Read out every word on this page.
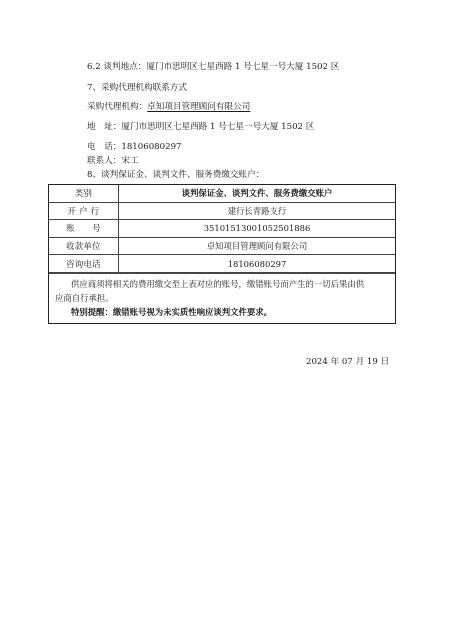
6.2 谈判地点：厦门市思明区七星西路 1 号七星一号大厦 1502 区
7、采购代理机构联系方式
采购代理机构：卓知项目管理顾问有限公司
地　址：厦门市思明区七星西路 1 号七星一号大厦 1502 区
电　话：18106080297
联系人：宋工
8、谈判保证金、谈判文件、服务费缴交账户：
类别	谈判保证金、谈判文件、服务费缴交账户
开 户 行	建行长青路支行
账　　号	35101513001052501886
收款单位	卓知项目管理顾问有限公司
咨询电话	18106080297
供应商须将相关的费用缴交至上表对应的账号，缴错账号而产生的一切后果由供
应商自行承担。
特别提醒：缴错账号视为未实质性响应谈判文件要求。
2024 年 07 月 19 日
